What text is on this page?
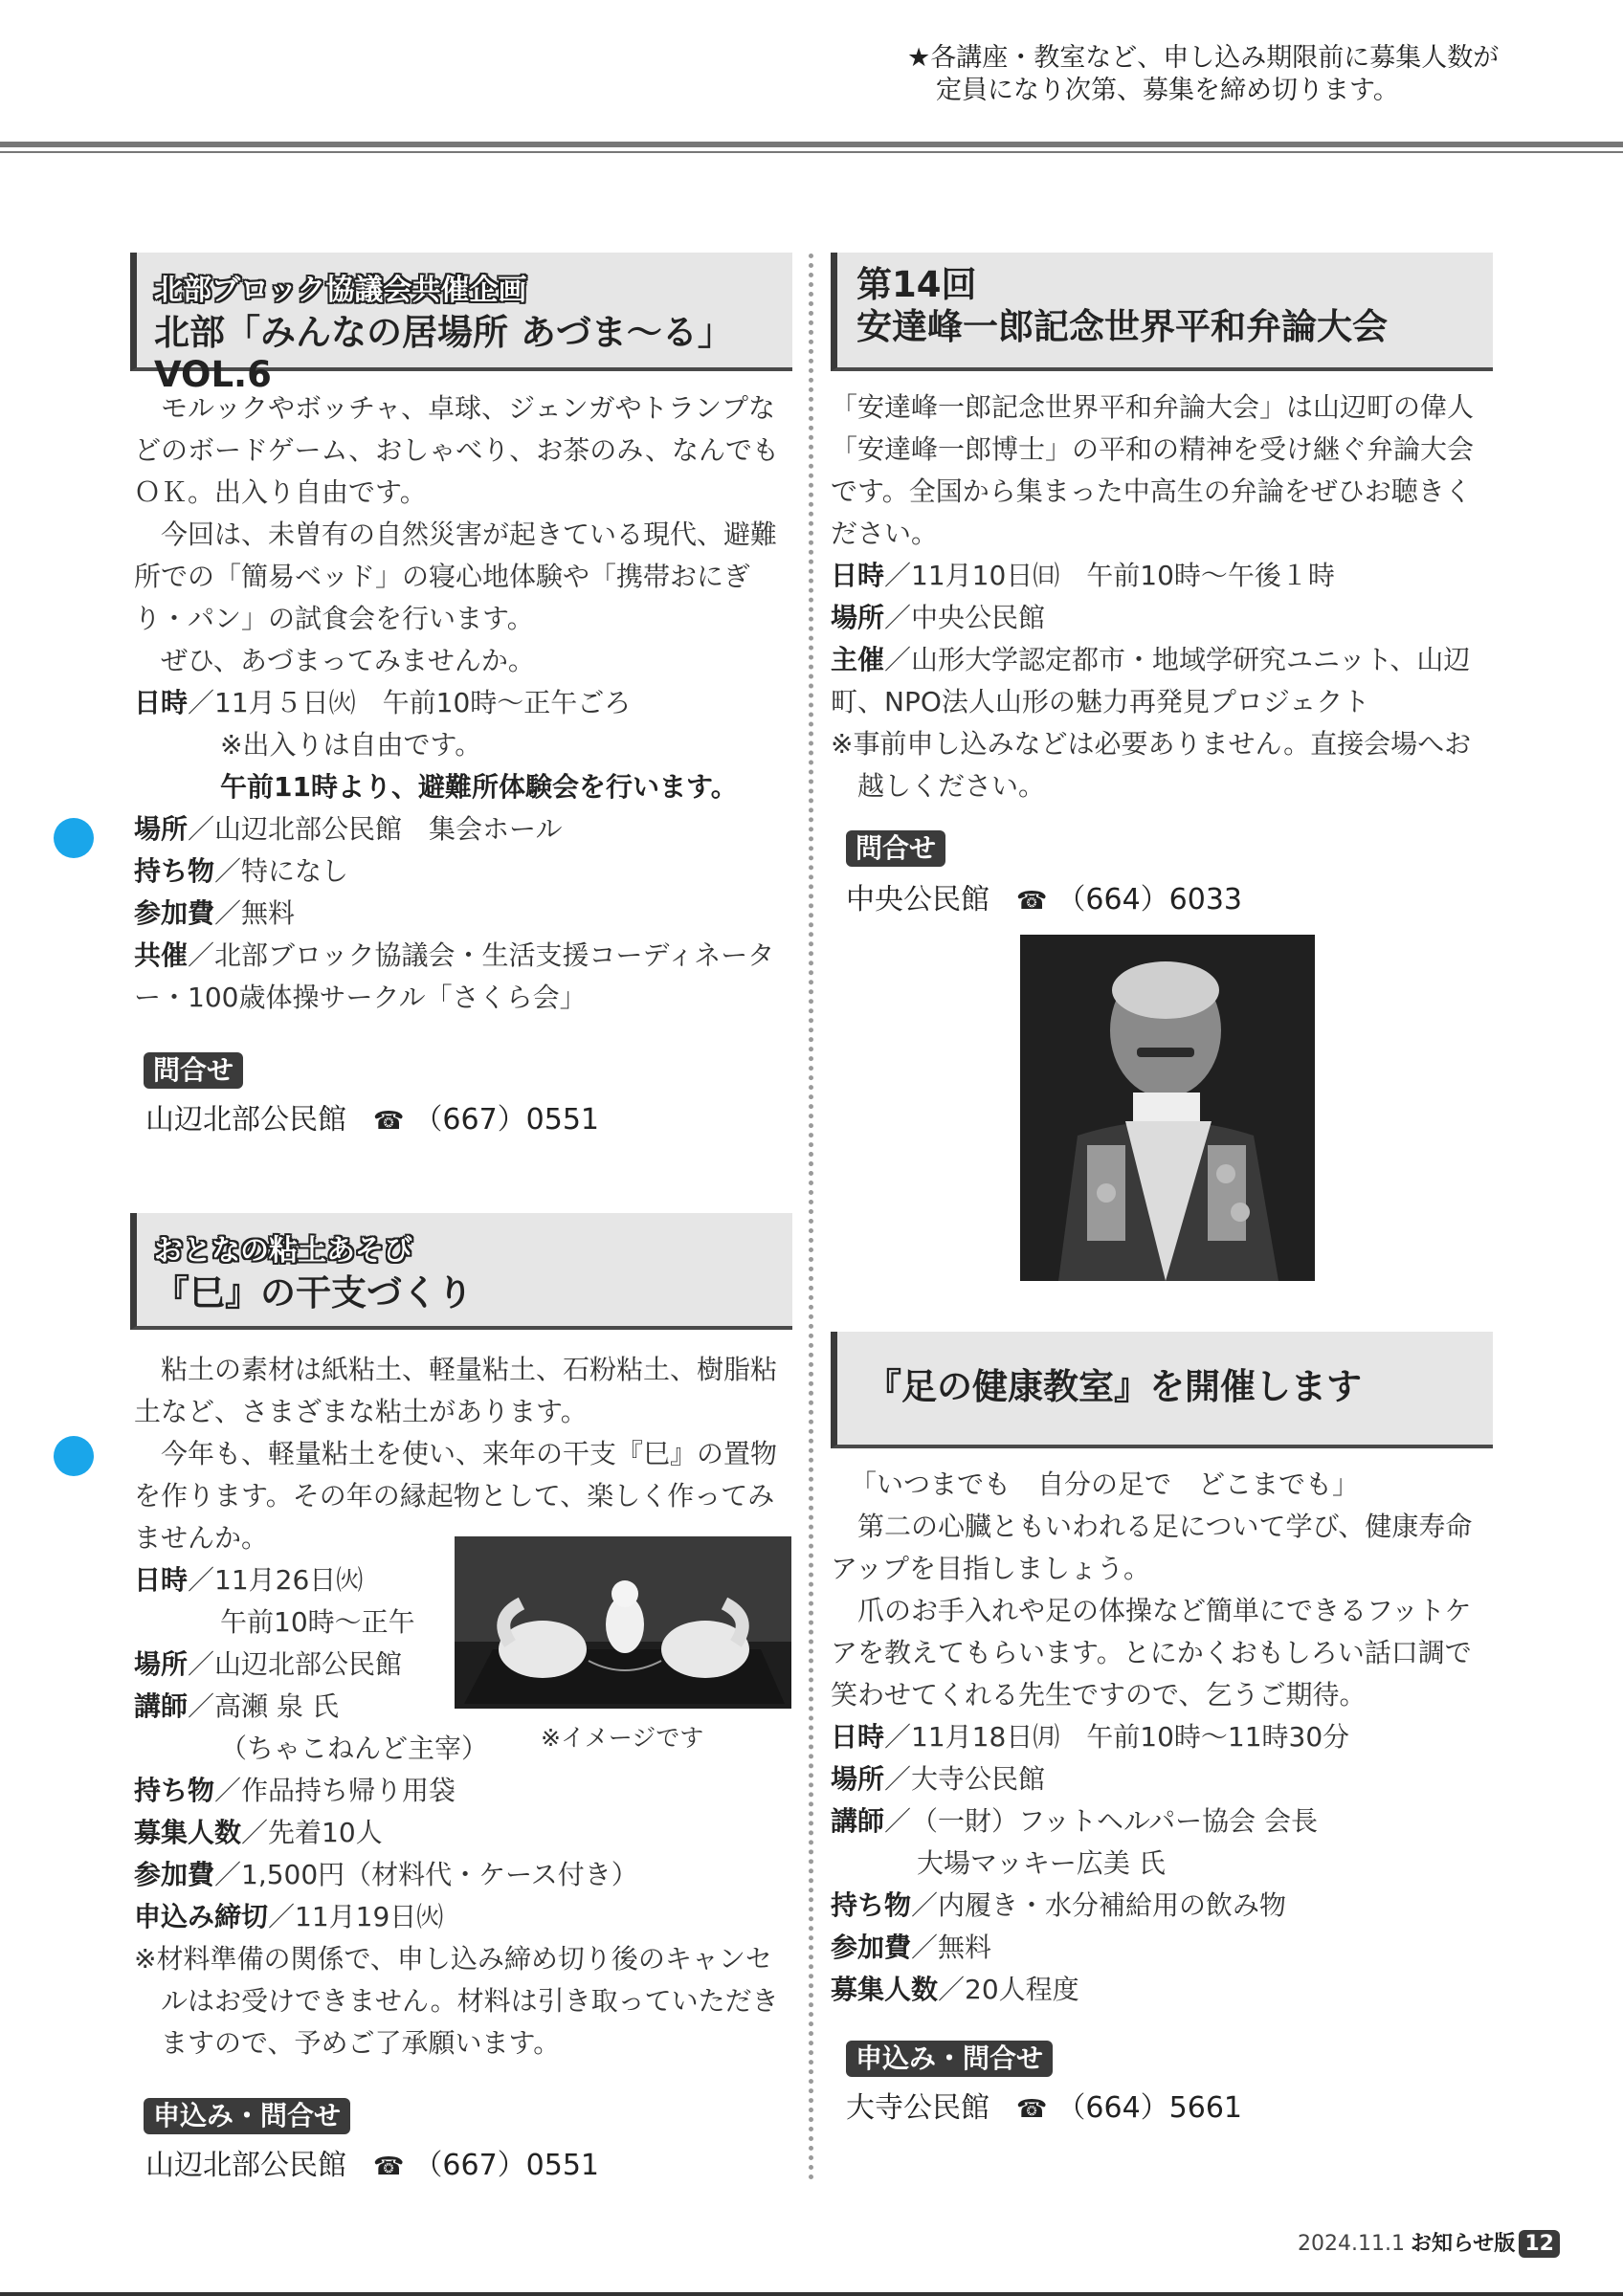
★各講座・教室など、申し込み期限前に募集人数が
定員になり次第、募集を締め切ります。
北部ブロック協議会共催企画
北部「みんなの居場所 あづま～る」VOL.6

モルックやボッチャ、卓球、ジェンガやトランプなどのボードゲーム、おしゃべり、お茶のみ、なんでもＯＫ。出入り自由です。

今回は、未曽有の自然災害が起きている現代、避難所での「簡易ベッド」の寝心地体験や「携帯おにぎり・パン」の試食会を行います。

ぜひ、あづまってみませんか。

日時／11月５日㈫　午前10時～正午ごろ
※出入りは自由です。
午前11時より、避難所体験会を行います。
場所／山辺北部公民館　集会ホール
持ち物／特になし
参加費／無料
共催／北部ブロック協議会・生活支援コーディネーター・100歳体操サークル「さくら会」
問合せ
山辺北部公民館 ☎ （667）0551
おとなの粘土あそび
『巳』の干支づくり

粘土の素材は紙粘土、軽量粘土、石粉粘土、樹脂粘土など、さまざまな粘土があります。

今年も、軽量粘土を使い、来年の干支『巳』の置物を作ります。その年の縁起物として、楽しく作ってみませんか。

日時／11月26日㈫
午前10時～正午
場所／山辺北部公民館
講師／高瀬 泉 氏
（ちゃこねんど主宰） ※イメージです
持ち物／作品持ち帰り用袋
募集人数／先着10人
参加費／1,500円（材料代・ケース付き）
申込み締切／11月19日㈫

※材料準備の関係で、申し込み締め切り後のキャンセルはお受けできません。材料は引き取っていただきますので、予めご了承願います。

申込み・問合せ
山辺北部公民館 ☎ （667）0551
第14回
安達峰一郎記念世界平和弁論大会

「安達峰一郎記念世界平和弁論大会」は山辺町の偉人「安達峰一郎博士」の平和の精神を受け継ぐ弁論大会です。全国から集まった中高生の弁論をぜひお聴きください。

日時／11月10日㈰　午前10時～午後１時
場所／中央公民館
主催／山形大学認定都市・地域学研究ユニット、山辺町、NPO法人山形の魅力再発見プロジェクト

※事前申し込みなどは必要ありません。直接会場へお越しください。

問合せ
中央公民館 ☎ （664）6033
『足の健康教室』を開催します

「いつまでも　自分の足で　どこまでも」

第二の心臓ともいわれる足について学び、健康寿命アップを目指しましょう。

爪のお手入れや足の体操など簡単にできるフットケアを教えてもらいます。とにかくおもしろい話口調で笑わせてくれる先生ですので、乞うご期待。

日時／11月18日㈪　午前10時～11時30分
場所／大寺公民館
講師／（一財）フットヘルパー協会 会長
大場マッキー広美 氏
持ち物／内履き・水分補給用の飲み物
参加費／無料
募集人数／20人程度
申込み・問合せ
大寺公民館 ☎ （664）5661
2024.11.1 お知らせ版 12
